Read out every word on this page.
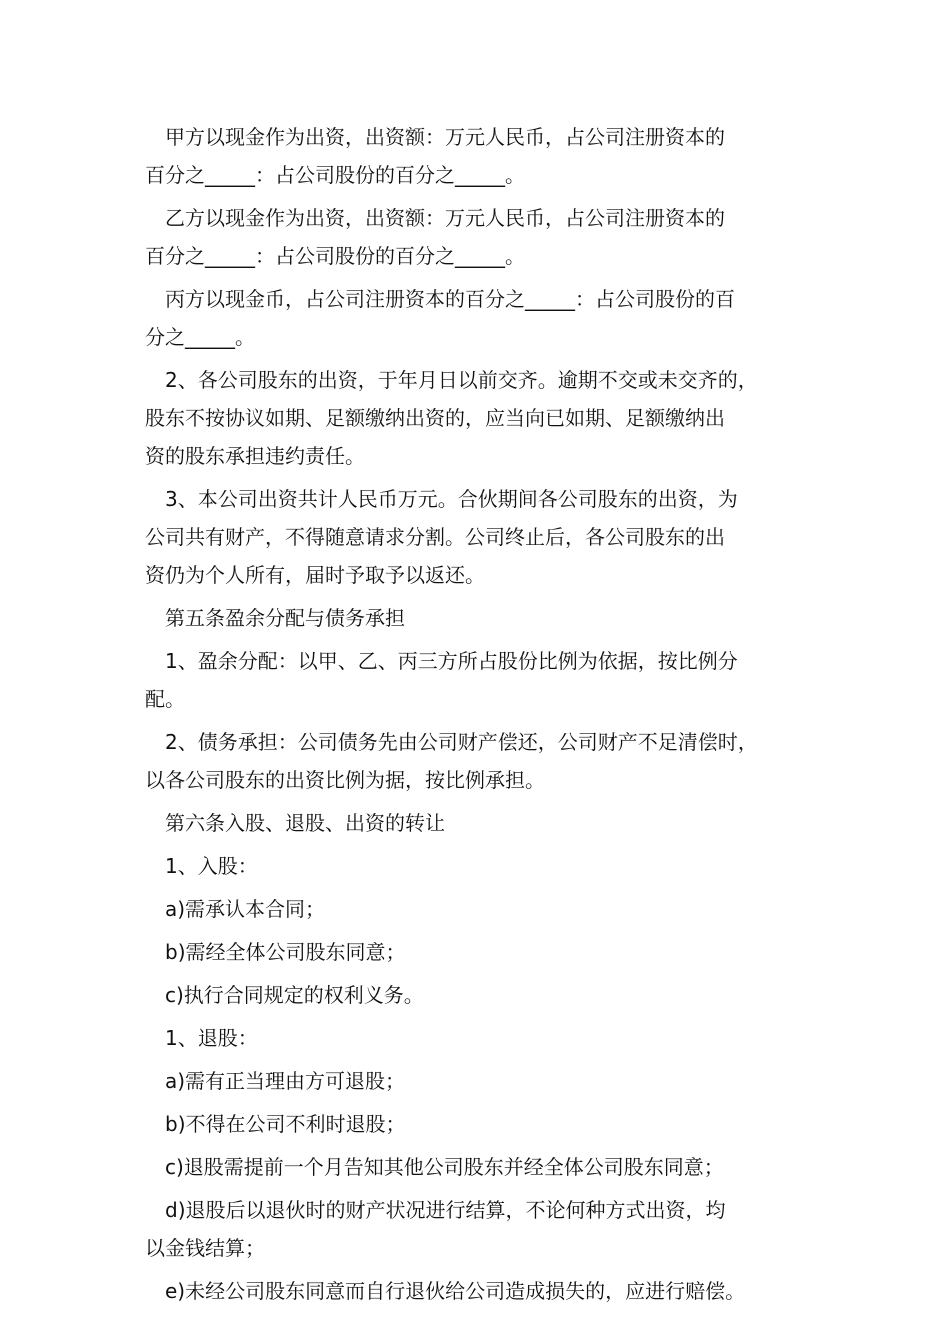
甲方以现金作为出资，出资额：万元人民币，占公司注册资本的
百分之_____：占公司股份的百分之_____。
乙方以现金作为出资，出资额：万元人民币，占公司注册资本的
百分之_____：占公司股份的百分之_____。
丙方以现金币，占公司注册资本的百分之_____：占公司股份的百
分之_____。
2、各公司股东的出资，于年月日以前交齐。逾期不交或未交齐的，
股东不按协议如期、足额缴纳出资的，应当向已如期、足额缴纳出
资的股东承担违约责任。
3、本公司出资共计人民币万元。合伙期间各公司股东的出资，为
公司共有财产，不得随意请求分割。公司终止后，各公司股东的出
资仍为个人所有，届时予取予以返还。
第五条盈余分配与债务承担
1、盈余分配：以甲、乙、丙三方所占股份比例为依据，按比例分
配。
2、债务承担：公司债务先由公司财产偿还，公司财产不足清偿时，
以各公司股东的出资比例为据，按比例承担。
第六条入股、退股、出资的转让
1、入股：
a)需承认本合同；
b)需经全体公司股东同意；
c)执行合同规定的权利义务。
1、退股：
a)需有正当理由方可退股；
b)不得在公司不利时退股；
c)退股需提前一个月告知其他公司股东并经全体公司股东同意；
d)退股后以退伙时的财产状况进行结算，不论何种方式出资，均
以金钱结算；
e)未经公司股东同意而自行退伙给公司造成损失的，应进行赔偿。
